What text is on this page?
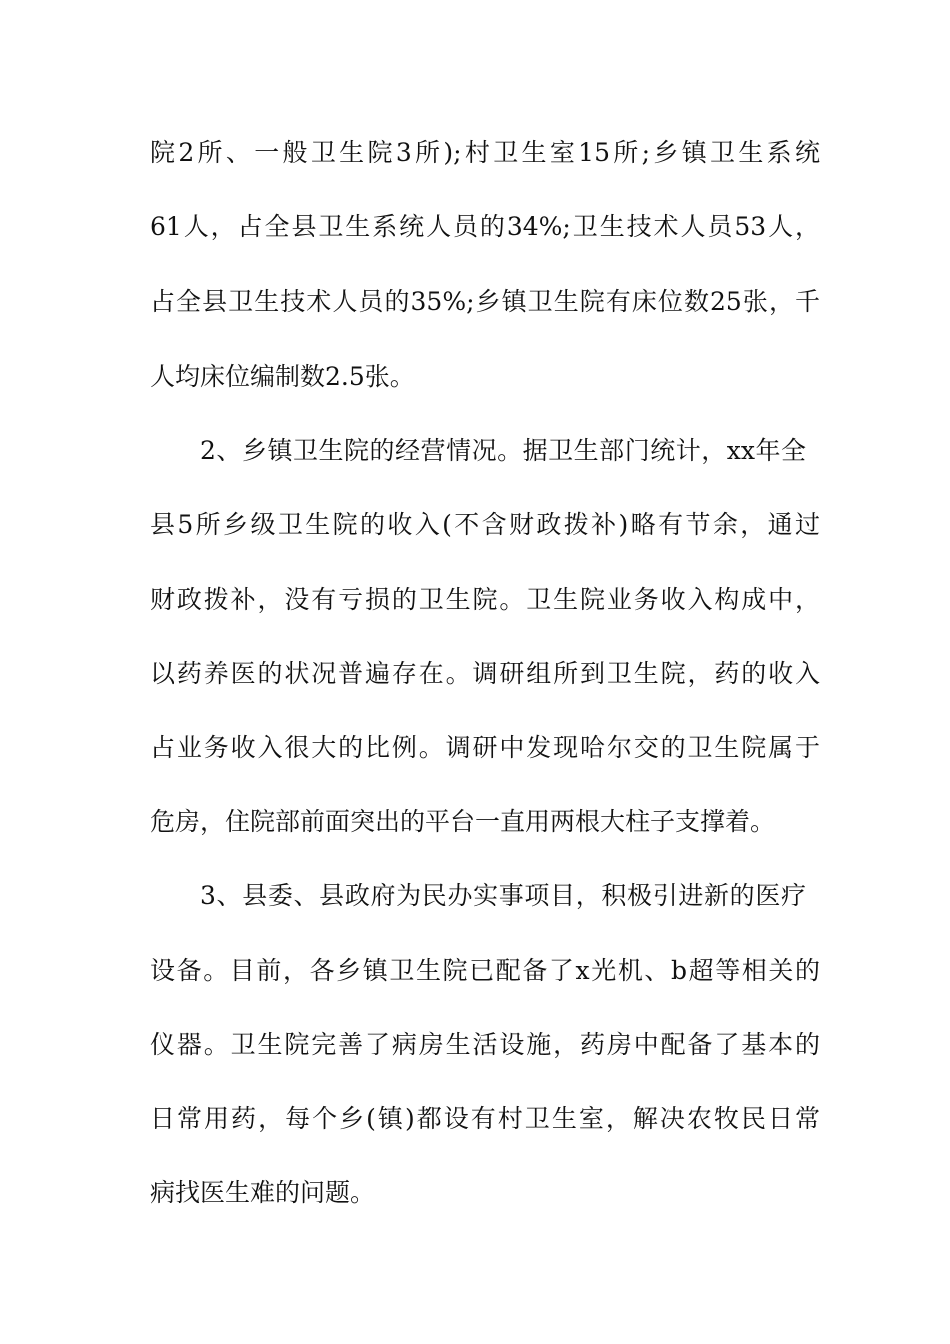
院2所、一般卫生院3所);村卫生室15所;乡镇卫生系统
61人，占全县卫生系统人员的34%;卫生技术人员53人，
占全县卫生技术人员的35%;乡镇卫生院有床位数25张，千
人均床位编制数2.5张。
2、乡镇卫生院的经营情况。据卫生部门统计，xx年全
县5所乡级卫生院的收入(不含财政拨补)略有节余，通过
财政拨补，没有亏损的卫生院。卫生院业务收入构成中，
以药养医的状况普遍存在。调研组所到卫生院，药的收入
占业务收入很大的比例。调研中发现哈尔交的卫生院属于
危房，住院部前面突出的平台一直用两根大柱子支撑着。
3、县委、县政府为民办实事项目，积极引进新的医疗
设备。目前，各乡镇卫生院已配备了x光机、b超等相关的
仪器。卫生院完善了病房生活设施，药房中配备了基本的
日常用药，每个乡(镇)都设有村卫生室，解决农牧民日常
病找医生难的问题。
